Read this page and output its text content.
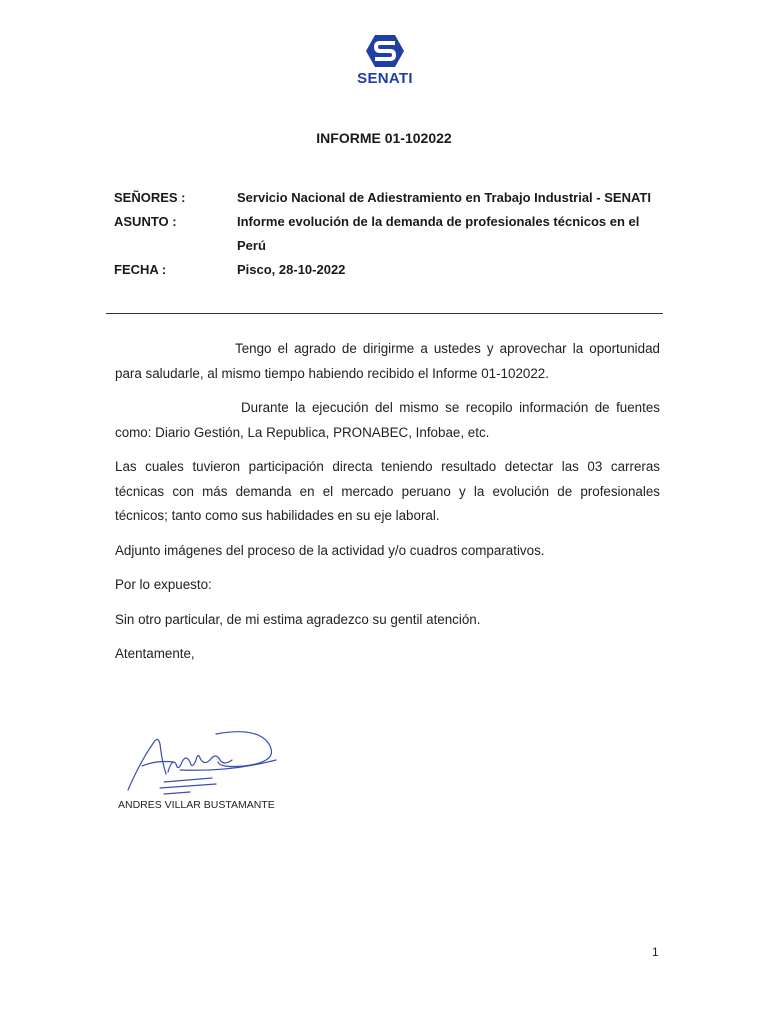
SENATI
INFORME 01-102022
SEÑORES :	Servicio Nacional de Adiestramiento en Trabajo Industrial - SENATI
ASUNTO :	Informe evolución de la demanda de profesionales técnicos en el Perú
FECHA :	Pisco, 28-10-2022

Tengo el agrado de dirigirme a ustedes y aprovechar la oportunidad para saludarle, al mismo tiempo habiendo recibido el Informe 01-102022.

Durante la ejecución del mismo se recopilo información de fuentes como: Diario Gestión, La Republica, PRONABEC, Infobae, etc.

Las cuales tuvieron participación directa teniendo resultado detectar las 03 carreras técnicas con más demanda en el mercado peruano y la evolución de profesionales técnicos; tanto como sus habilidades en su eje laboral.

Adjunto imágenes del proceso de la actividad y/o cuadros comparativos.

Por lo expuesto:

Sin otro particular, de mi estima agradezco su gentil atención.

Atentamente,

ANDRES VILLAR BUSTAMANTE
1
